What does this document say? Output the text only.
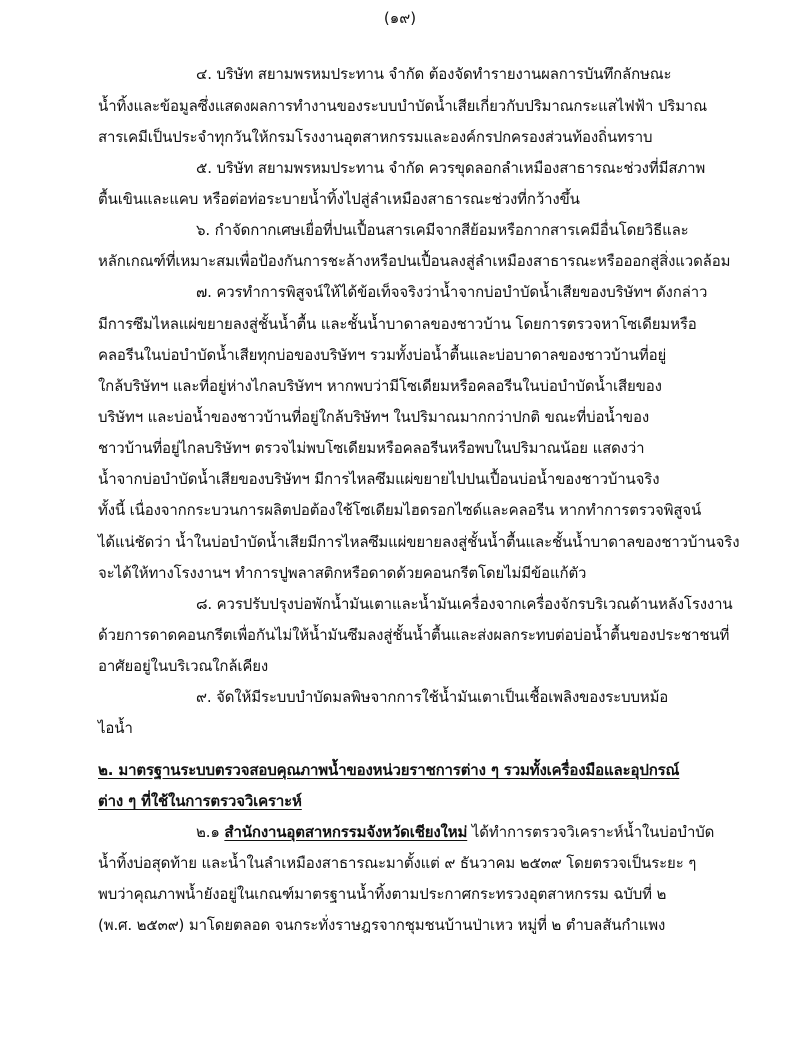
(๑๙)
๔. บริษัท สยามพรหมประทาน จำกัด ต้องจัดทำรายงานผลการบันทึกลักษณะ
น้ำทิ้งและข้อมูลซึ่งแสดงผลการทำงานของระบบบำบัดน้ำเสียเกี่ยวกับปริมาณกระแสไฟฟ้า ปริมาณ
สารเคมีเป็นประจำทุกวันให้กรมโรงงานอุตสาหกรรมและองค์กรปกครองส่วนท้องถิ่นทราบ
๕. บริษัท สยามพรหมประทาน จำกัด ควรขุดลอกลำเหมืองสาธารณะช่วงที่มีสภาพ
ตื้นเขินและแคบ หรือต่อท่อระบายน้ำทิ้งไปสู่ลำเหมืองสาธารณะช่วงที่กว้างขึ้น
๖. กำจัดกากเศษเยื่อที่ปนเปื้อนสารเคมีจากสีย้อมหรือกากสารเคมีอื่นโดยวิธีและ
หลักเกณฑ์ที่เหมาะสมเพื่อป้องกันการชะล้างหรือปนเปื้อนลงสู่ลำเหมืองสาธารณะหรือออกสู่สิ่งแวดล้อม
๗. ควรทำการพิสูจน์ให้ได้ข้อเท็จจริงว่าน้ำจากบ่อบำบัดน้ำเสียของบริษัทฯ ดังกล่าว
มีการซึมไหลแผ่ขยายลงสู่ชั้นน้ำตื้น และชั้นน้ำบาดาลของชาวบ้าน โดยการตรวจหาโซเดียมหรือ
คลอรีนในบ่อบำบัดน้ำเสียทุกบ่อของบริษัทฯ รวมทั้งบ่อน้ำตื้นและบ่อบาดาลของชาวบ้านที่อยู่
ใกล้บริษัทฯ และที่อยู่ห่างไกลบริษัทฯ หากพบว่ามีโซเดียมหรือคลอรีนในบ่อบำบัดน้ำเสียของ
บริษัทฯ และบ่อน้ำของชาวบ้านที่อยู่ใกล้บริษัทฯ ในปริมาณมากกว่าปกติ ขณะที่บ่อน้ำของ
ชาวบ้านที่อยู่ไกลบริษัทฯ ตรวจไม่พบโซเดียมหรือคลอรีนหรือพบในปริมาณน้อย แสดงว่า
น้ำจากบ่อบำบัดน้ำเสียของบริษัทฯ มีการไหลซึมแผ่ขยายไปปนเปื้อนบ่อน้ำของชาวบ้านจริง
ทั้งนี้ เนื่องจากกระบวนการผลิตปอต้องใช้โซเดียมไฮดรอกไซด์และคลอรีน หากทำการตรวจพิสูจน์
ได้แน่ชัดว่า น้ำในบ่อบำบัดน้ำเสียมีการไหลซึมแผ่ขยายลงสู่ชั้นน้ำตื้นและชั้นน้ำบาดาลของชาวบ้านจริง
จะได้ให้ทางโรงงานฯ ทำการปูพลาสติกหรือดาดด้วยคอนกรีตโดยไม่มีข้อแก้ตัว
๘. ควรปรับปรุงบ่อพักน้ำมันเตาและน้ำมันเครื่องจากเครื่องจักรบริเวณด้านหลังโรงงาน
ด้วยการดาดคอนกรีตเพื่อกันไม่ให้น้ำมันซึมลงสู่ชั้นน้ำตื้นและส่งผลกระทบต่อบ่อน้ำตื้นของประชาชนที่
อาศัยอยู่ในบริเวณใกล้เคียง
๙. จัดให้มีระบบบำบัดมลพิษจากการใช้น้ำมันเตาเป็นเชื้อเพลิงของระบบหม้อ
ไอน้ำ
๒. มาตรฐานระบบตรวจสอบคุณภาพน้ำของหน่วยราชการต่าง ๆ รวมทั้งเครื่องมือและอุปกรณ์
ต่าง ๆ ที่ใช้ในการตรวจวิเคราะห์
๒.๑ สำนักงานอุตสาหกรรมจังหวัดเชียงใหม่ ได้ทำการตรวจวิเคราะห์น้ำในบ่อบำบัด
น้ำทิ้งบ่อสุดท้าย และน้ำในลำเหมืองสาธารณะมาตั้งแต่ ๙ ธันวาคม ๒๕๓๙ โดยตรวจเป็นระยะ ๆ
พบว่าคุณภาพน้ำยังอยู่ในเกณฑ์มาตรฐานน้ำทิ้งตามประกาศกระทรวงอุตสาหกรรม ฉบับที่ ๒
(พ.ศ. ๒๕๓๙) มาโดยตลอด จนกระทั่งราษฎรจากชุมชนบ้านป่าเหว หมู่ที่ ๒ ตำบลสันกำแพง
